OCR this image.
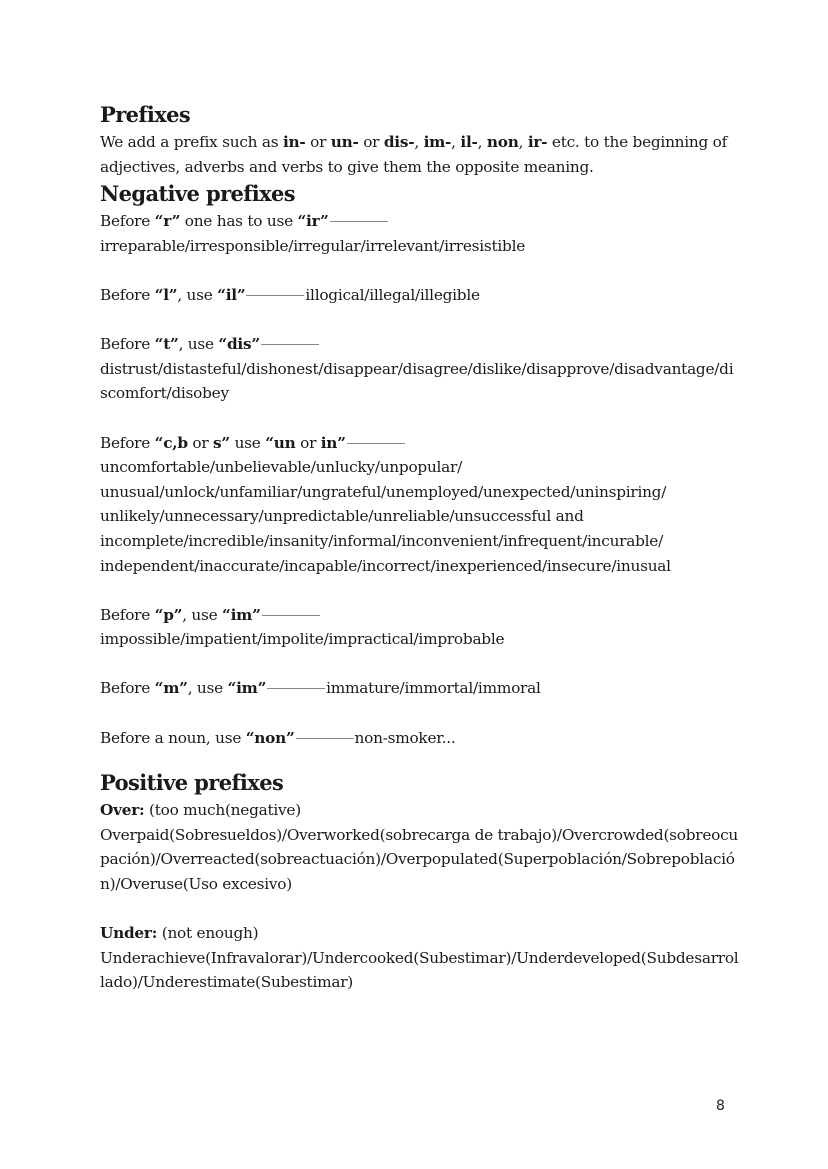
Prefixes

We add a prefix such as in- or un- or dis-, im-, il-, non, ir- etc. to the beginning of adjectives, adverbs and verbs to give them the opposite meaning.

Negative prefixes

Before “r” one has to use “ir”
irreparable/irresponsible/irregular/irrelevant/irresistible

Before “l”, use “il”	illogical/illegal/illegible

Before “t”, use “dis”
distrust/distasteful/dishonest/disappear/disagree/dislike/disapprove/disadvantage/discomfort/disobey

Before “c,b or s” use “un or in”
uncomfortable/unbelievable/unlucky/unpopular/
unusual/unlock/unfamiliar/ungrateful/unemployed/unexpected/uninspiring/
unlikely/unnecessary/unpredictable/unreliable/unsuccessful and
incomplete/incredible/insanity/informal/inconvenient/infrequent/incurable/
independent/inaccurate/incapable/incorrect/inexperienced/insecure/inusual

Before “p”, use “im”
impossible/impatient/impolite/impractical/improbable

Before “m”, use “im”	immature/immortal/immoral

Before a noun, use “non”	non-smoker...

Positive prefixes

Over: (too much(negative)
Overpaid(Sobresueldos)/Overworked(sobrecarga de trabajo)/Overcrowded(sobreocupación)/Overreacted(sobreactuación)/Overpopulated(Superpoblación/Sobrepoblación)/Overuse(Uso excesivo)

Under: (not enough)
Underachieve(Infravalorar)/Undercooked(Subestimar)/Underdeveloped(Subdesarrollado)/Underestimate(Subestimar)

8
